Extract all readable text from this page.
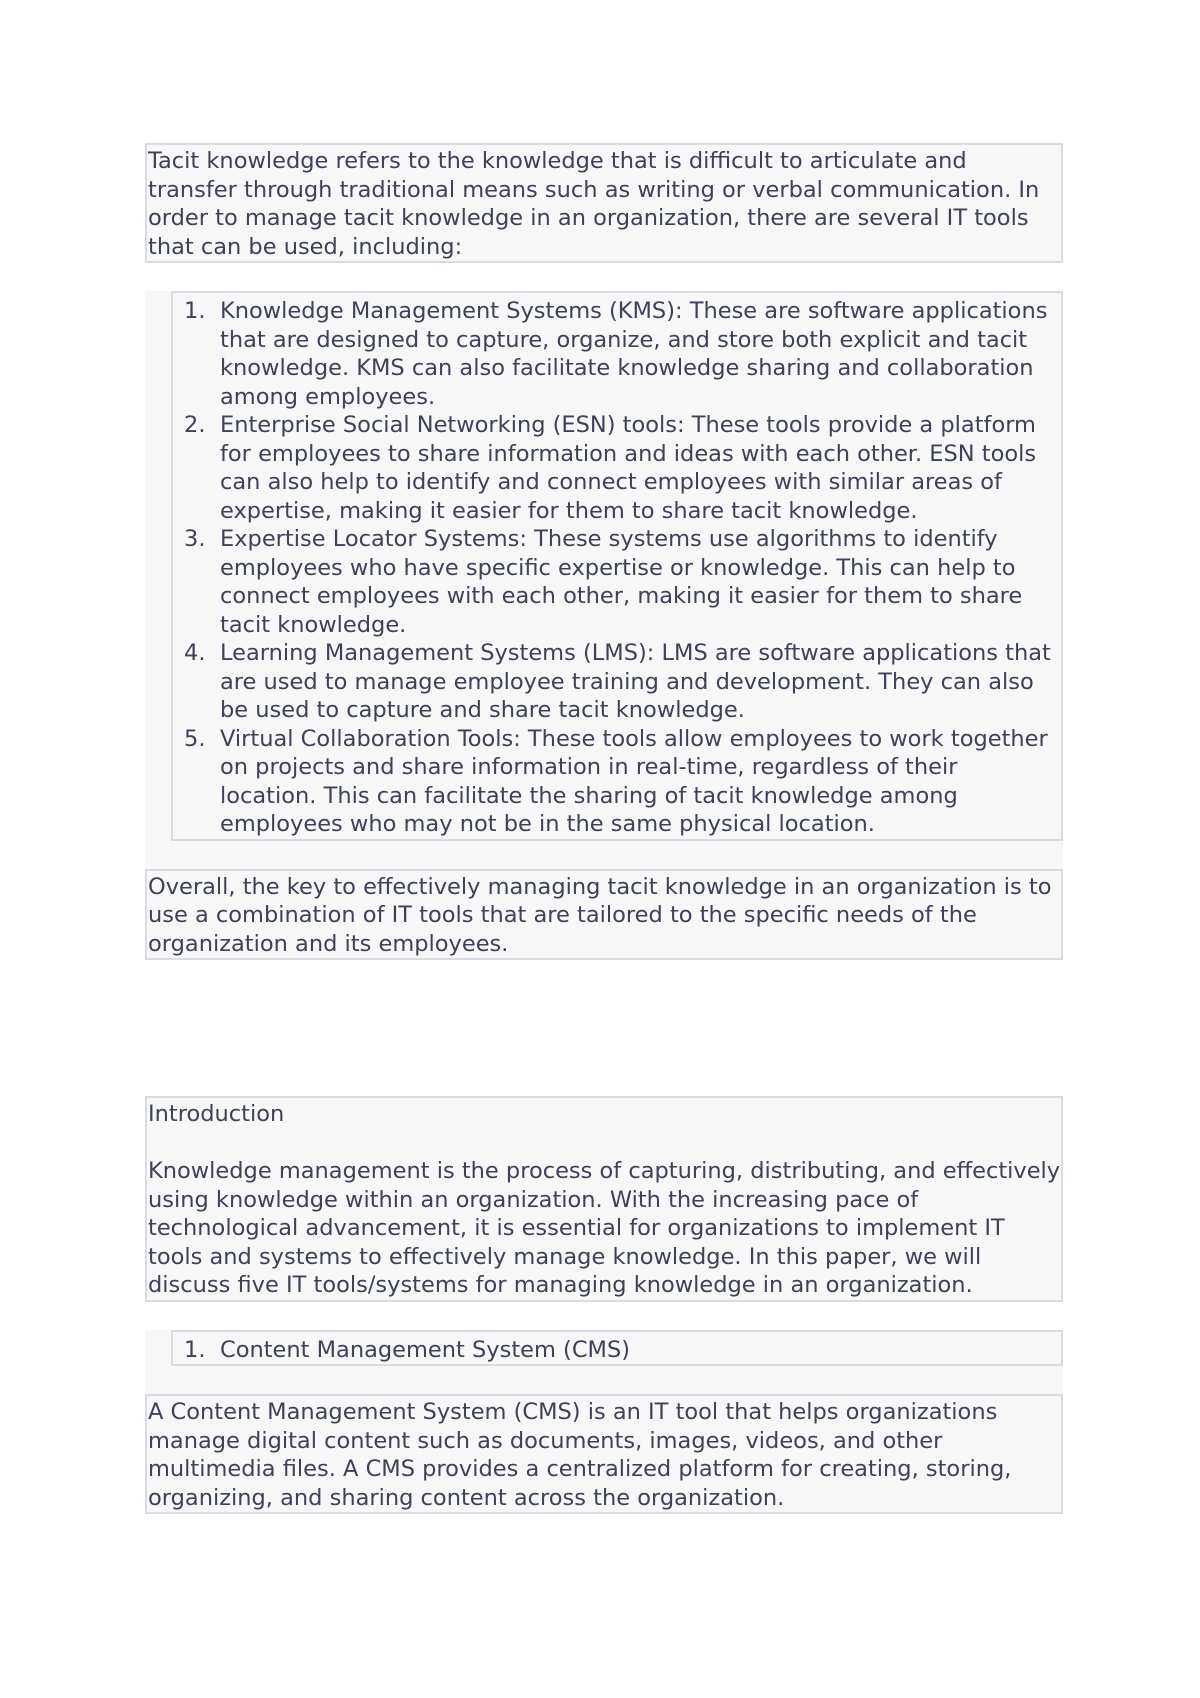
Tacit knowledge refers to the knowledge that is difficult to articulate and transfer through traditional means such as writing or verbal communication. In order to manage tacit knowledge in an organization, there are several IT tools that can be used, including:

1. Knowledge Management Systems (KMS): These are software applications that are designed to capture, organize, and store both explicit and tacit knowledge. KMS can also facilitate knowledge sharing and collaboration among employees.
2. Enterprise Social Networking (ESN) tools: These tools provide a platform for employees to share information and ideas with each other. ESN tools can also help to identify and connect employees with similar areas of expertise, making it easier for them to share tacit knowledge.
3. Expertise Locator Systems: These systems use algorithms to identify employees who have specific expertise or knowledge. This can help to connect employees with each other, making it easier for them to share tacit knowledge.
4. Learning Management Systems (LMS): LMS are software applications that are used to manage employee training and development. They can also be used to capture and share tacit knowledge.
5. Virtual Collaboration Tools: These tools allow employees to work together on projects and share information in real-time, regardless of their location. This can facilitate the sharing of tacit knowledge among employees who may not be in the same physical location.

Overall, the key to effectively managing tacit knowledge in an organization is to use a combination of IT tools that are tailored to the specific needs of the organization and its employees.

Introduction
Knowledge management is the process of capturing, distributing, and effectively using knowledge within an organization. With the increasing pace of technological advancement, it is essential for organizations to implement IT tools and systems to effectively manage knowledge. In this paper, we will discuss five IT tools/systems for managing knowledge in an organization.
1. Content Management System (CMS)

A Content Management System (CMS) is an IT tool that helps organizations manage digital content such as documents, images, videos, and other multimedia files. A CMS provides a centralized platform for creating, storing, organizing, and sharing content across the organization.
